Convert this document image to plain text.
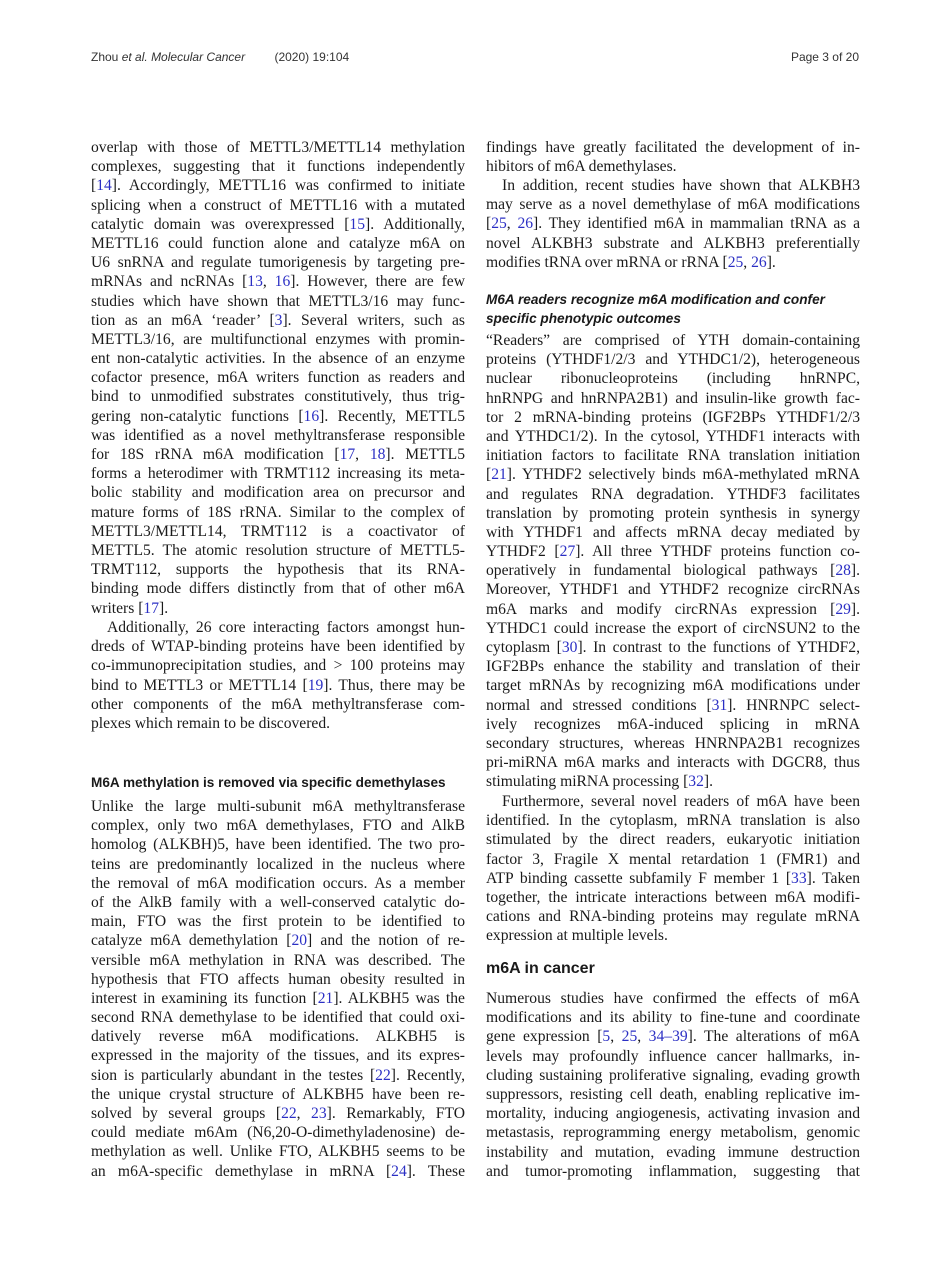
Zhou et al. Molecular Cancer (2020) 19:104	Page 3 of 20
overlap with those of METTL3/METTL14 methylation
complexes, suggesting that it functions independently
[14]. Accordingly, METTL16 was confirmed to initiate
splicing when a construct of METTL16 with a mutated
catalytic domain was overexpressed [15]. Additionally,
METTL16 could function alone and catalyze m6A on
U6 snRNA and regulate tumorigenesis by targeting pre-
mRNAs and ncRNAs [13, 16]. However, there are few
studies which have shown that METTL3/16 may func-
tion as an m6A ‘reader’ [3]. Several writers, such as
METTL3/16, are multifunctional enzymes with promin-
ent non-catalytic activities. In the absence of an enzyme
cofactor presence, m6A writers function as readers and
bind to unmodified substrates constitutively, thus trig-
gering non-catalytic functions [16]. Recently, METTL5
was identified as a novel methyltransferase responsible
for 18S rRNA m6A modification [17, 18]. METTL5
forms a heterodimer with TRMT112 increasing its meta-
bolic stability and modification area on precursor and
mature forms of 18S rRNA. Similar to the complex of
METTL3/METTL14, TRMT112 is a coactivator of
METTL5. The atomic resolution structure of METTL5-
TRMT112, supports the hypothesis that its RNA-
binding mode differs distinctly from that of other m6A
writers [17].
Additionally, 26 core interacting factors amongst hun-
dreds of WTAP-binding proteins have been identified by
co-immunoprecipitation studies, and > 100 proteins may
bind to METTL3 or METTL14 [19]. Thus, there may be
other components of the m6A methyltransferase com-
plexes which remain to be discovered.
M6A methylation is removed via specific demethylases
Unlike the large multi-subunit m6A methyltransferase
complex, only two m6A demethylases, FTO and AlkB
homolog (ALKBH)5, have been identified. The two pro-
teins are predominantly localized in the nucleus where
the removal of m6A modification occurs. As a member
of the AlkB family with a well-conserved catalytic do-
main, FTO was the first protein to be identified to
catalyze m6A demethylation [20] and the notion of re-
versible m6A methylation in RNA was described. The
hypothesis that FTO affects human obesity resulted in
interest in examining its function [21]. ALKBH5 was the
second RNA demethylase to be identified that could oxi-
datively reverse m6A modifications. ALKBH5 is
expressed in the majority of the tissues, and its expres-
sion is particularly abundant in the testes [22]. Recently,
the unique crystal structure of ALKBH5 have been re-
solved by several groups [22, 23]. Remarkably, FTO
could mediate m6Am (N6,20-O-dimethyladenosine) de-
methylation as well. Unlike FTO, ALKBH5 seems to be
an m6A-specific demethylase in mRNA [24]. These
findings have greatly facilitated the development of in-
hibitors of m6A demethylases.
In addition, recent studies have shown that ALKBH3
may serve as a novel demethylase of m6A modifications
[25, 26]. They identified m6A in mammalian tRNA as a
novel ALKBH3 substrate and ALKBH3 preferentially
modifies tRNA over mRNA or rRNA [25, 26].
M6A readers recognize m6A modification and confer
specific phenotypic outcomes
“Readers” are comprised of YTH domain-containing
proteins (YTHDF1/2/3 and YTHDC1/2), heterogeneous
nuclear ribonucleoproteins (including hnRNPC,
hnRNPG and hnRNPA2B1) and insulin-like growth fac-
tor 2 mRNA-binding proteins (IGF2BPs YTHDF1/2/3
and YTHDC1/2). In the cytosol, YTHDF1 interacts with
initiation factors to facilitate RNA translation initiation
[21]. YTHDF2 selectively binds m6A-methylated mRNA
and regulates RNA degradation. YTHDF3 facilitates
translation by promoting protein synthesis in synergy
with YTHDF1 and affects mRNA decay mediated by
YTHDF2 [27]. All three YTHDF proteins function co-
operatively in fundamental biological pathways [28].
Moreover, YTHDF1 and YTHDF2 recognize circRNAs
m6A marks and modify circRNAs expression [29].
YTHDC1 could increase the export of circNSUN2 to the
cytoplasm [30]. In contrast to the functions of YTHDF2,
IGF2BPs enhance the stability and translation of their
target mRNAs by recognizing m6A modifications under
normal and stressed conditions [31]. HNRNPC select-
ively recognizes m6A-induced splicing in mRNA
secondary structures, whereas HNRNPA2B1 recognizes
pri-miRNA m6A marks and interacts with DGCR8, thus
stimulating miRNA processing [32].
Furthermore, several novel readers of m6A have been
identified. In the cytoplasm, mRNA translation is also
stimulated by the direct readers, eukaryotic initiation
factor 3, Fragile X mental retardation 1 (FMR1) and
ATP binding cassette subfamily F member 1 [33]. Taken
together, the intricate interactions between m6A modifi-
cations and RNA-binding proteins may regulate mRNA
expression at multiple levels.
m6A in cancer
Numerous studies have confirmed the effects of m6A
modifications and its ability to fine-tune and coordinate
gene expression [5, 25, 34–39]. The alterations of m6A
levels may profoundly influence cancer hallmarks, in-
cluding sustaining proliferative signaling, evading growth
suppressors, resisting cell death, enabling replicative im-
mortality, inducing angiogenesis, activating invasion and
metastasis, reprogramming energy metabolism, genomic
instability and mutation, evading immune destruction
and tumor-promoting inflammation, suggesting that
